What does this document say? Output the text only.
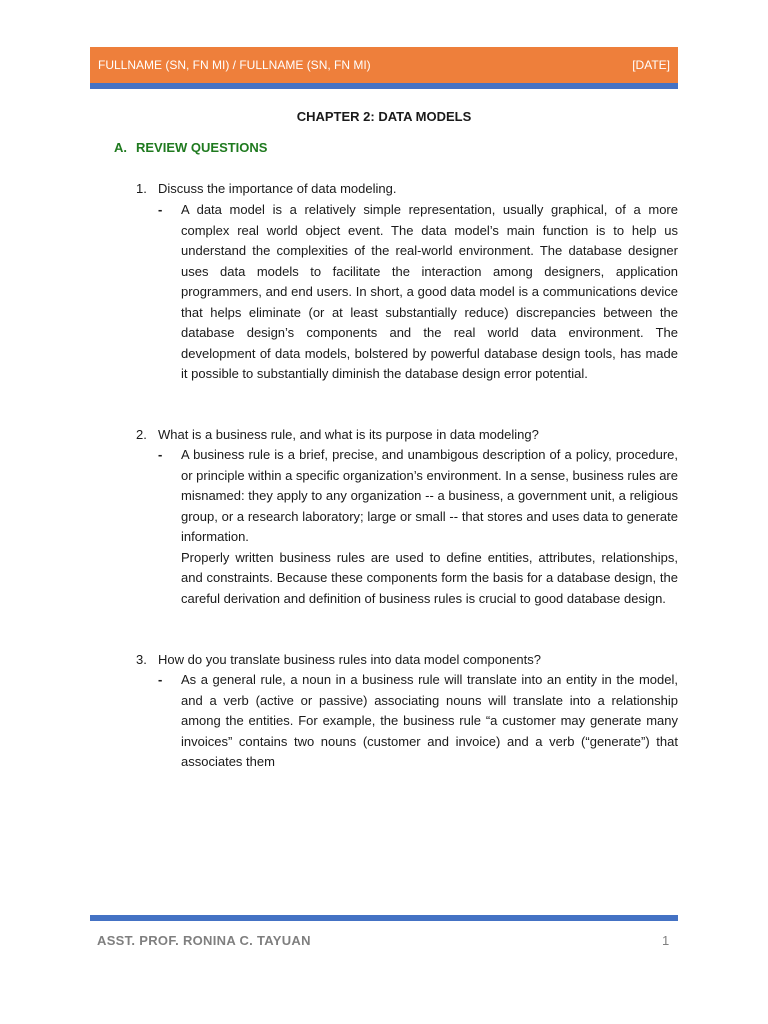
FULLNAME (SN, FN MI) / FULLNAME (SN, FN MI)	[DATE]
CHAPTER 2: DATA MODELS
A. REVIEW QUESTIONS
1. Discuss the importance of data modeling.
- A data model is a relatively simple representation, usually graphical, of a more complex real world object event. The data model’s main function is to help us understand the complexities of the real-world environment. The database designer uses data models to facilitate the interaction among designers, application programmers, and end users. In short, a good data model is a communications device that helps eliminate (or at least substantially reduce) discrepancies between the database design’s components and the real world data environment. The development of data models, bolstered by powerful database design tools, has made it possible to substantially diminish the database design error potential.

2. What is a business rule, and what is its purpose in data modeling?
- A business rule is a brief, precise, and unambigous description of a policy, procedure, or principle within a specific organization’s environment. In a sense, business rules are misnamed: they apply to any organization -- a business, a government unit, a religious group, or a research laboratory; large or small -- that stores and uses data to generate information.

Properly written business rules are used to define entities, attributes, relationships, and constraints. Because these components form the basis for a database design, the careful derivation and definition of business rules is crucial to good database design.

3. How do you translate business rules into data model components?
- As a general rule, a noun in a business rule will translate into an entity in the model, and a verb (active or passive) associating nouns will translate into a relationship among the entities. For example, the business rule “a customer may generate many invoices” contains two nouns (customer and invoice) and a verb (“generate”) that associates them

ASST. PROF. RONINA C. TAYUAN	1
